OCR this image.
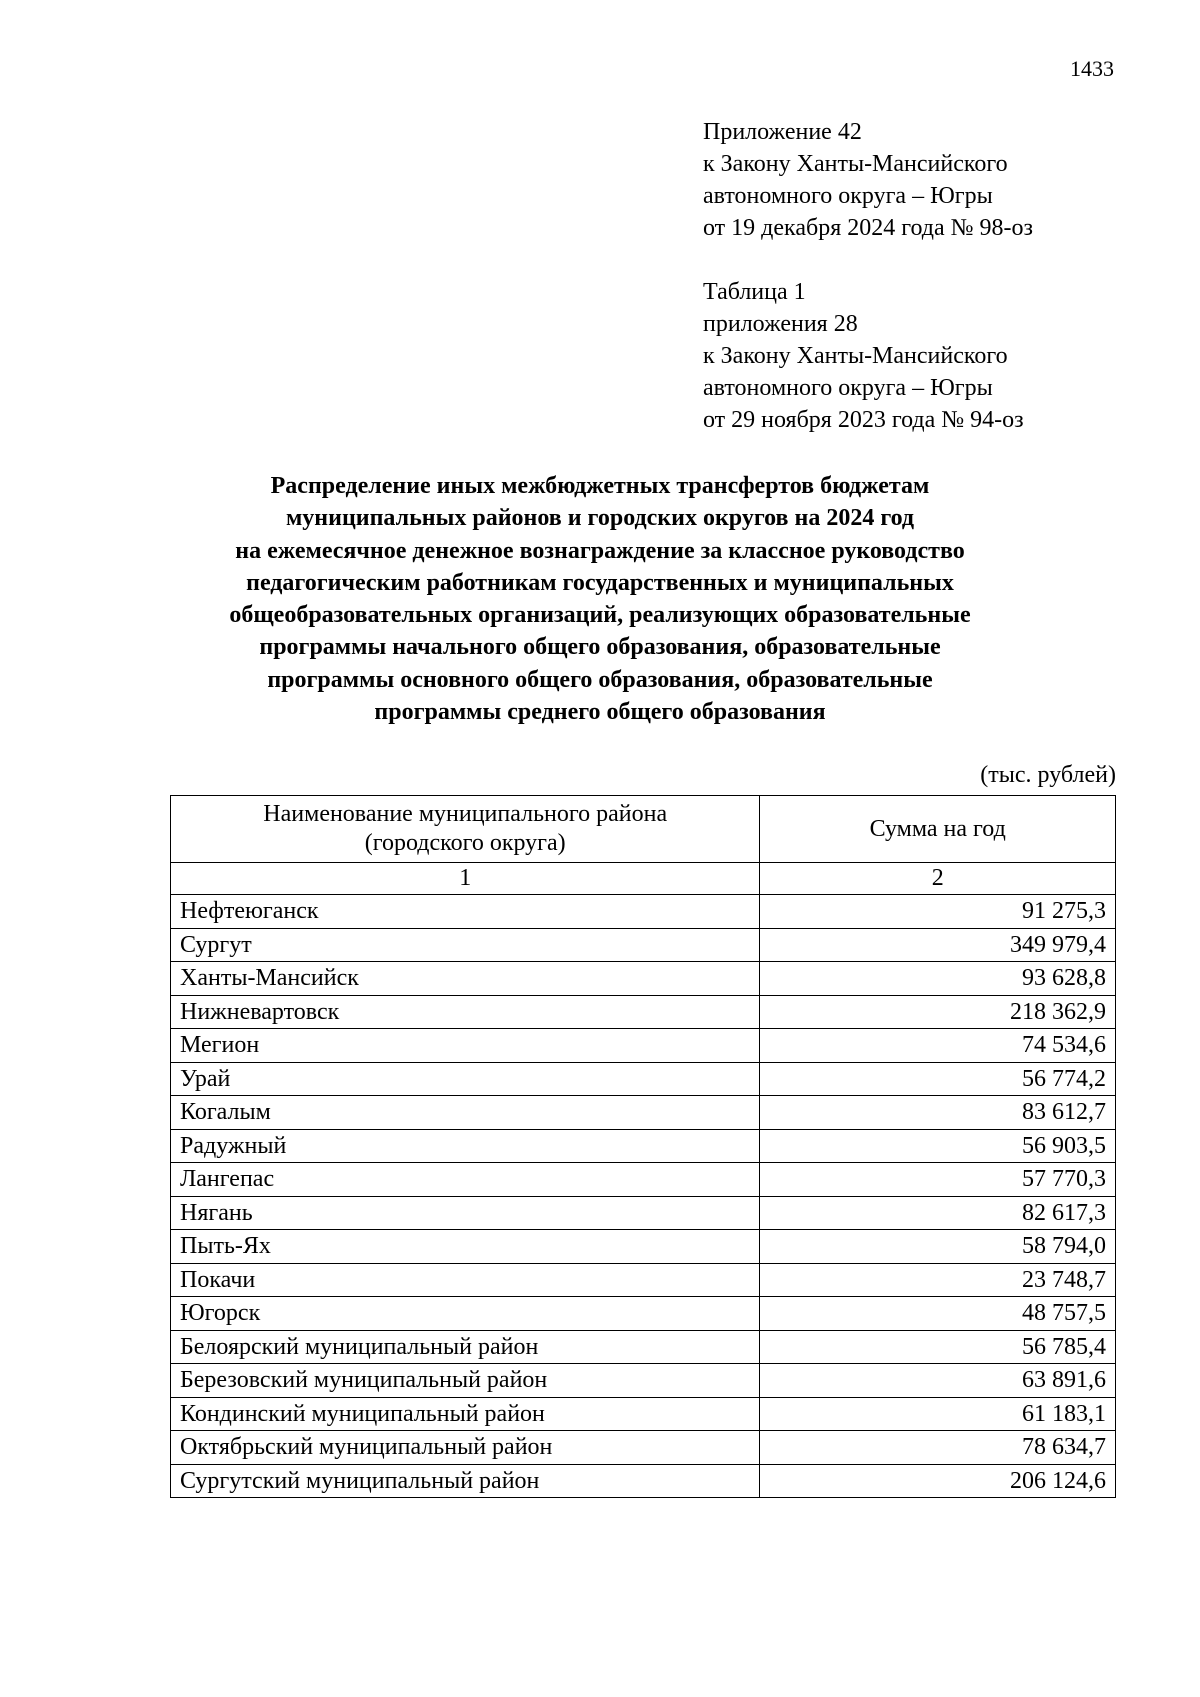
1433
Приложение 42
к Закону Ханты-Мансийского
автономного округа – Югры
от 19 декабря 2024 года № 98-оз
Таблица 1
приложения 28
к Закону Ханты-Мансийского
автономного округа – Югры
от 29 ноября 2023 года № 94-оз
Распределение иных межбюджетных трансфертов бюджетам
муниципальных районов и городских округов на 2024 год
на ежемесячное денежное вознаграждение за классное руководство
педагогическим работникам государственных и муниципальных
общеобразовательных организаций, реализующих образовательные
программы начального общего образования, образовательные
программы основного общего образования, образовательные
программы среднего общего образования
(тыс. рублей)
Наименование муниципального района
(городского округа)	Сумма на год
1	2
Нефтеюганск	91 275,3
Сургут	349 979,4
Ханты-Мансийск	93 628,8
Нижневартовск	218 362,9
Мегион	74 534,6
Урай	56 774,2
Когалым	83 612,7
Радужный	56 903,5
Лангепас	57 770,3
Нягань	82 617,3
Пыть-Ях	58 794,0
Покачи	23 748,7
Югорск	48 757,5
Белоярский муниципальный район	56 785,4
Березовский муниципальный район	63 891,6
Кондинский муниципальный район	61 183,1
Октябрьский муниципальный район	78 634,7
Сургутский муниципальный район	206 124,6
